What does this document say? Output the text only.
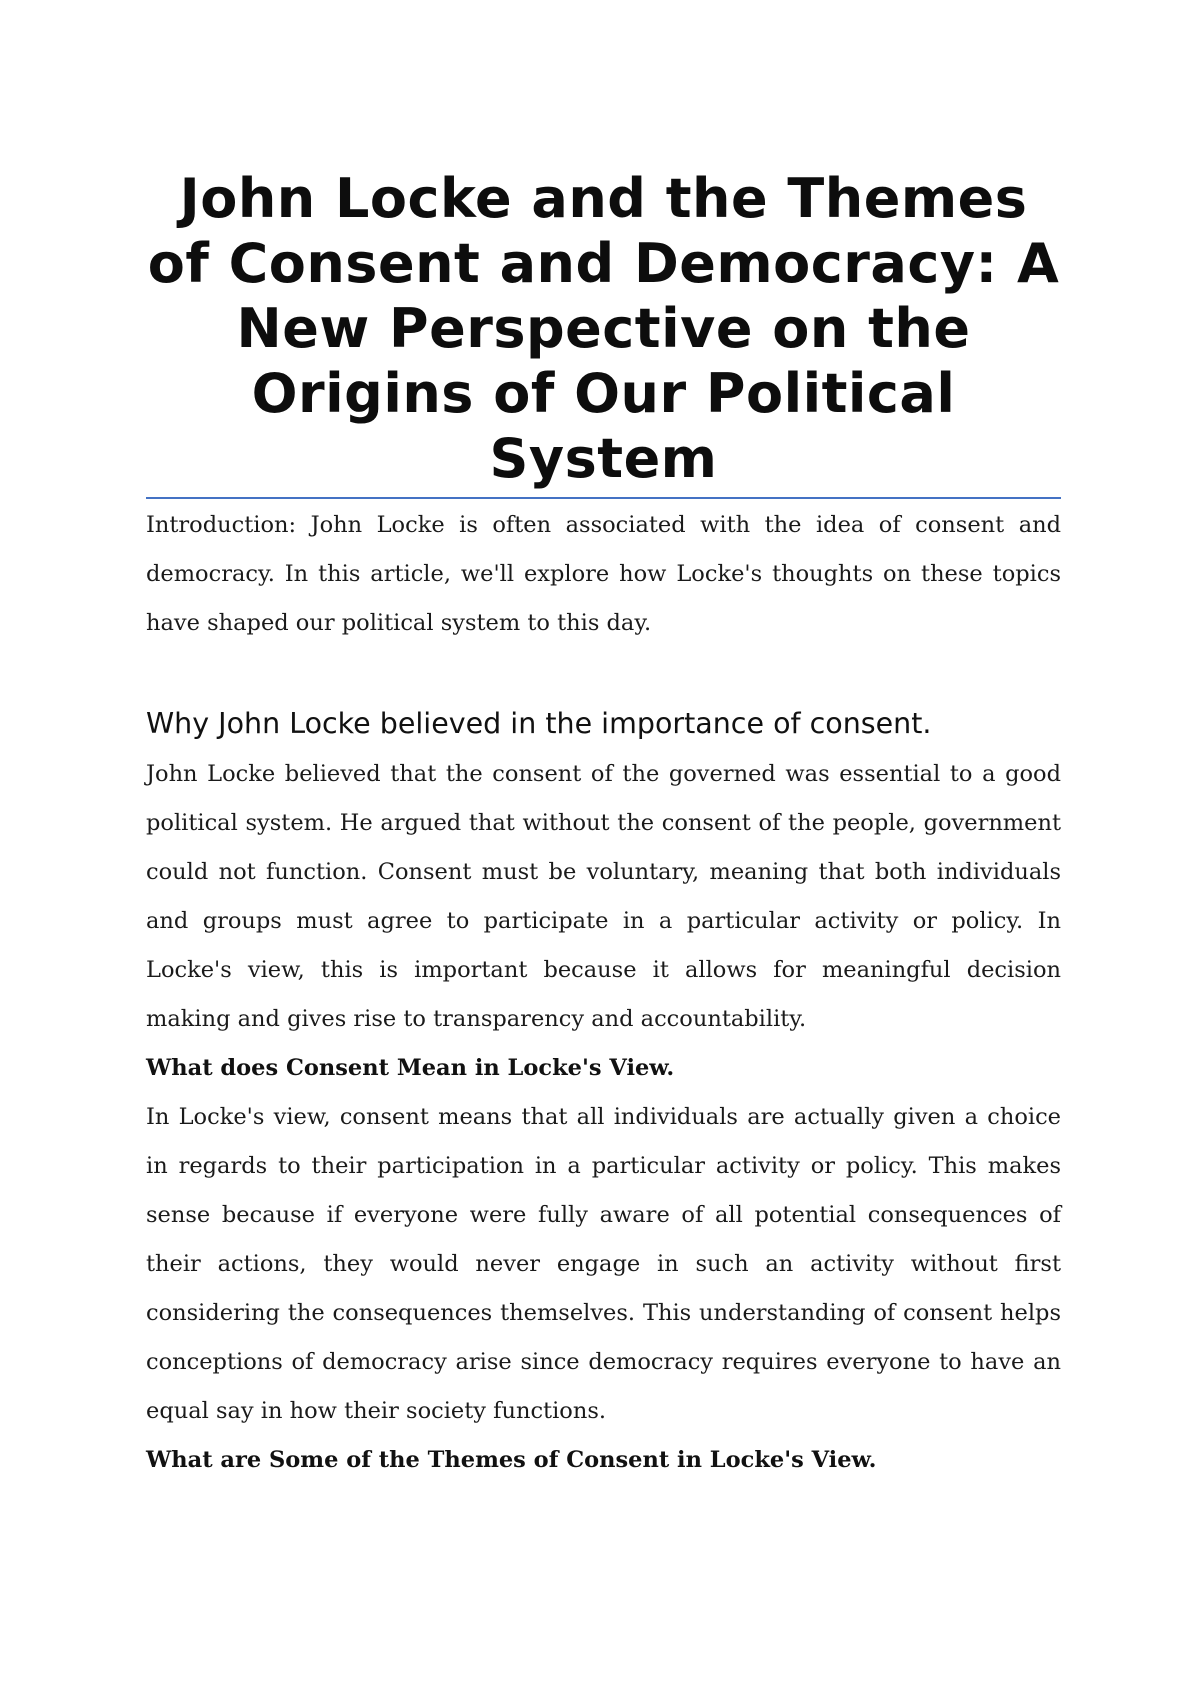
John Locke and the Themes of Consent and Democracy: A New Perspective on the Origins of Our Political System

Introduction: John Locke is often associated with the idea of consent and democracy. In this article, we'll explore how Locke's thoughts on these topics have shaped our political system to this day.

Why John Locke believed in the importance of consent.

John Locke believed that the consent of the governed was essential to a good political system. He argued that without the consent of the people, government could not function. Consent must be voluntary, meaning that both individuals and groups must agree to participate in a particular activity or policy. In Locke's view, this is important because it allows for meaningful decision making and gives rise to transparency and accountability.

What does Consent Mean in Locke's View.

In Locke's view, consent means that all individuals are actually given a choice in regards to their participation in a particular activity or policy. This makes sense because if everyone were fully aware of all potential consequences of their actions, they would never engage in such an activity without first considering the consequences themselves. This understanding of consent helps conceptions of democracy arise since democracy requires everyone to have an equal say in how their society functions.

What are Some of the Themes of Consent in Locke's View.
